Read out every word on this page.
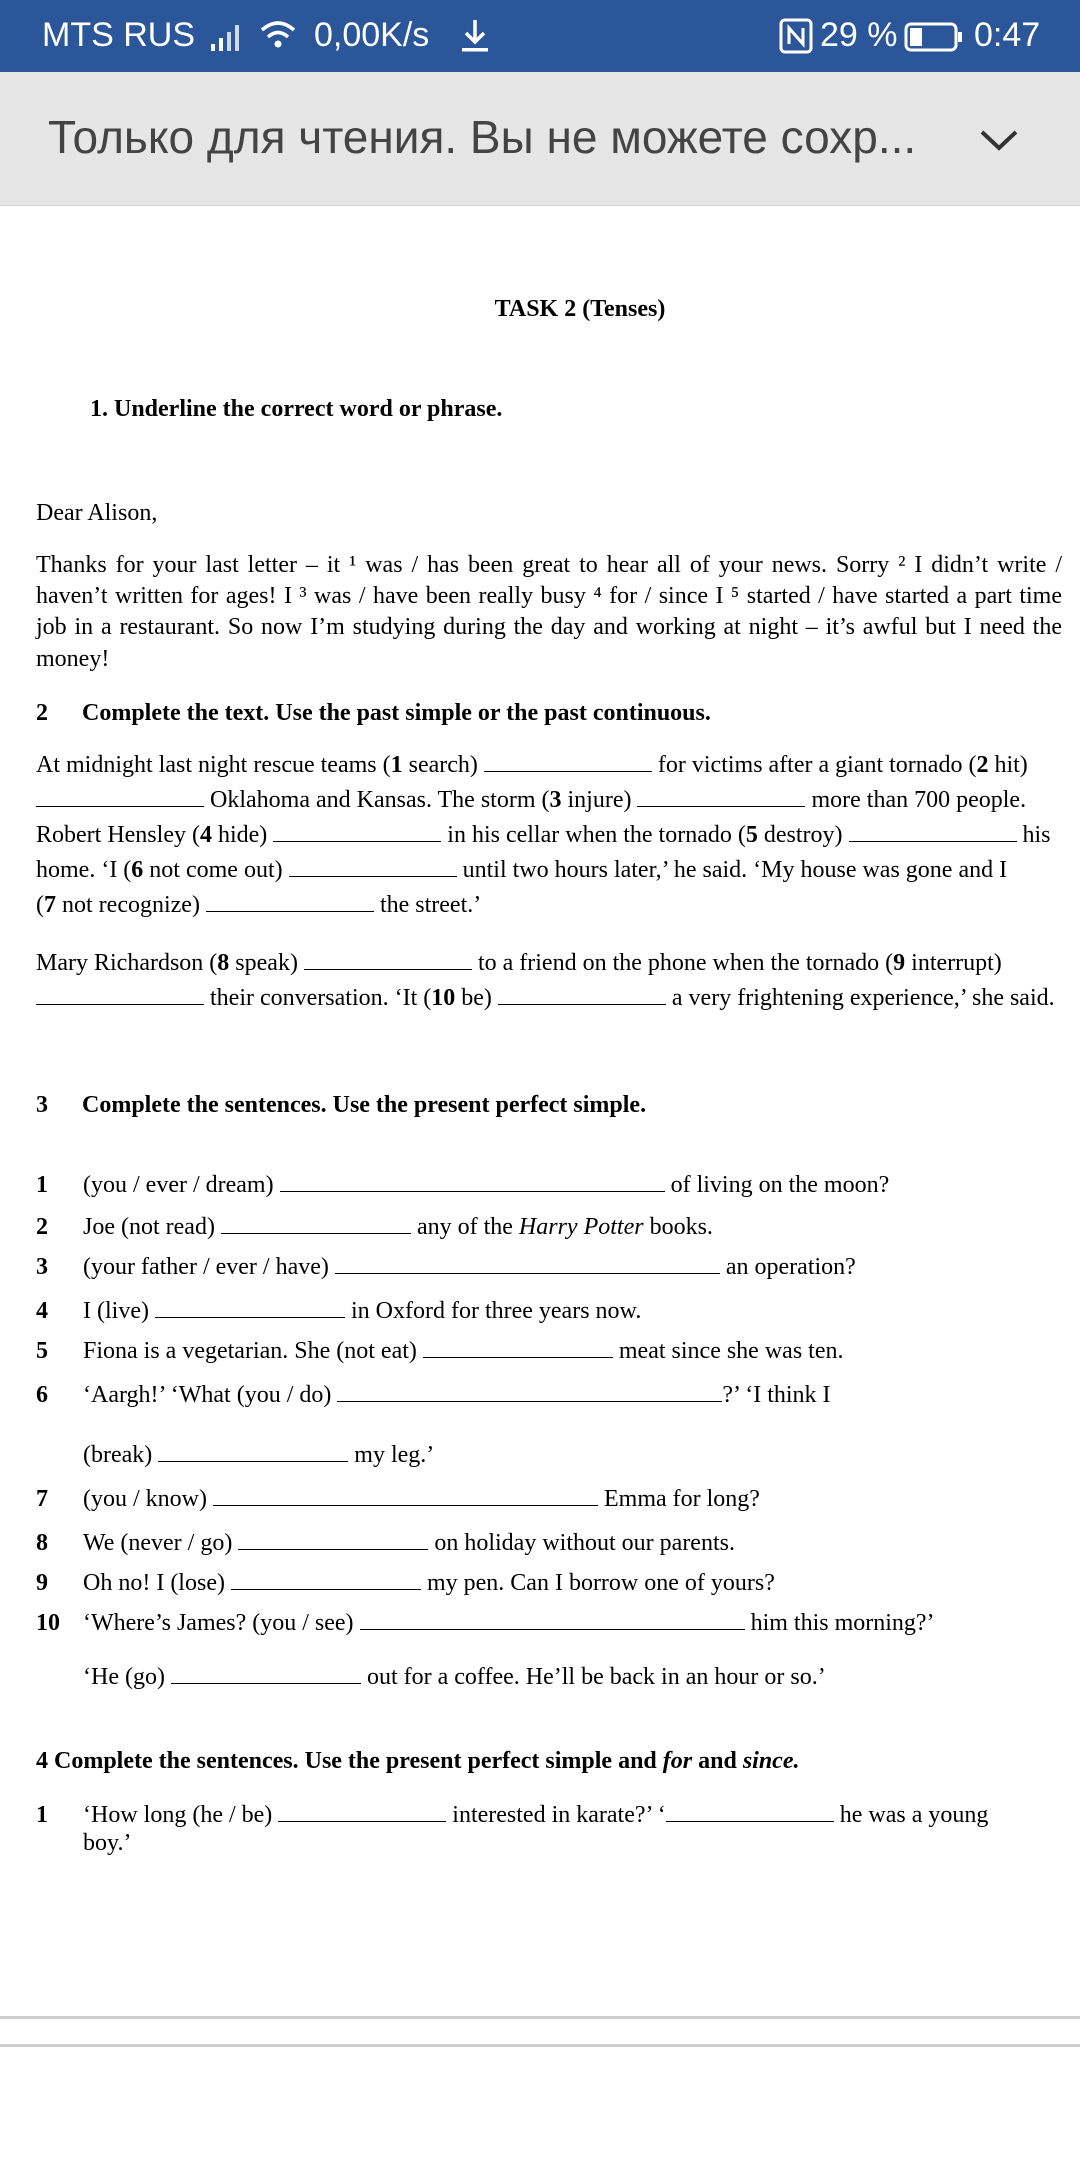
MTS RUS	0,00K/s	29 % 0:47
Только для чтения. Вы не можете сохр...
TASK 2 (Tenses)
1. Underline the correct word or phrase.
Dear Alison,
Thanks for your last letter – it ¹ was / has been great to hear all of your news. Sorry ² I didn’t write / haven’t written for ages! I ³ was / have been really busy ⁴ for / since I ⁵ started / have started a part time job in a restaurant. So now I’m studying during the day and working at night – it’s awful but I need the money!
2 Complete the text. Use the past simple or the past continuous.
At midnight last night rescue teams (1 search)	for victims after a giant tornado (2 hit)
Oklahoma and Kansas. The storm (3 injure)	more than 700 people.
Robert Hensley (4 hide)	in his cellar when the tornado (5 destroy)	his
home. ‘I (6 not come out)	until two hours later,’ he said. ‘My house was gone and I
(7 not recognize)	the street.’
Mary Richardson (8 speak)	to a friend on the phone when the tornado (9 interrupt)
their conversation. ‘It (10 be)	a very frightening experience,’ she said.
3 Complete the sentences. Use the present perfect simple.
1 (you / ever / dream)	of living on the moon?
2 Joe (not read)	any of the Harry Potter books.
3 (your father / ever / have)	an operation?
4 I (live)	in Oxford for three years now.
5 Fiona is a vegetarian. She (not eat)	meat since she was ten.
6 ‘Aargh!’ ‘What (you / do)	?’ ‘I think I
(break)	my leg.’
7 (you / know)	Emma for long?
8 We (never / go)	on holiday without our parents.
9 Oh no! I (lose)	my pen. Can I borrow one of yours?
10 ‘Where’s James? (you / see)	him this morning?’
‘He (go)	out for a coffee. He’ll be back in an hour or so.’
4 Complete the sentences. Use the present perfect simple and for and since.
1 ‘How long (he / be)	interested in karate?’ ‘	he was a young
boy.’
